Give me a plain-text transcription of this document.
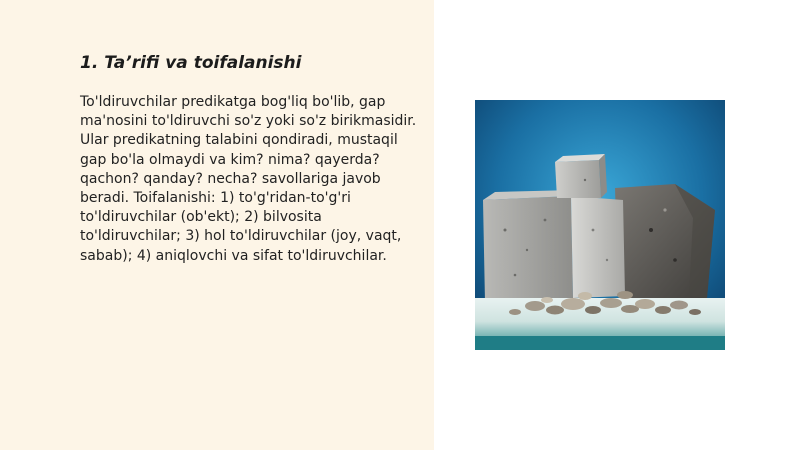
1. Ta’rifi va toifalanishi

To'ldiruvchilar predikatga bog'liq bo'lib, gap ma'nosini to'ldiruvchi so'z yoki so'z birikmasidir. Ular predikatning talabini qondiradi, mustaqil gap bo'la olmaydi va kim? nima? qayerda? qachon? qanday? necha? savollariga javob beradi. Toifalanishi: 1) to'g'ridan-to'g'ri to'ldiruvchilar (ob'ekt); 2) bilvosita to'ldiruvchilar; 3) hol to'ldiruvchilar (joy, vaqt, sabab); 4) aniqlovchi va sifat to'ldiruvchilar.
